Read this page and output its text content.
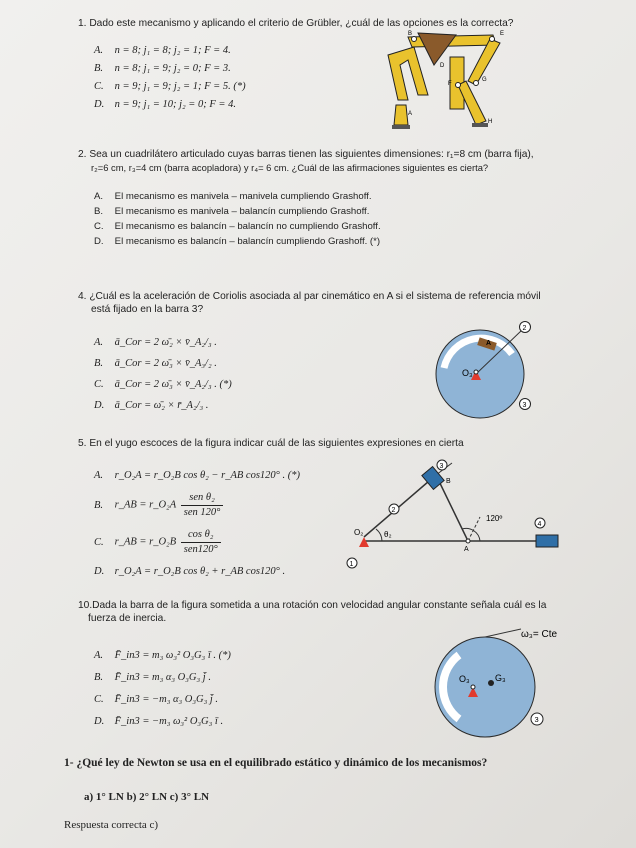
1. Dado este mecanismo y aplicando el criterio de Grübler, ¿cuál de las opciones es la correcta?
A. n = 8; j₁ = 8; j₂ = 1; F = 4.
B. n = 8; j₁ = 9; j₂ = 0; F = 3.
C. n = 9; j₁ = 9; j₂ = 1; F = 5. (*)
D. n = 9; j₁ = 10; j₂ = 0; F = 4.
B	E
D
F
G
A
H
2. Sea un cuadrilátero articulado cuyas barras tienen las siguientes dimensiones: r₁=8 cm (barra fija),
r₂=6 cm, r₃=4 cm (barra acopladora) y r₄= 6 cm. ¿Cuál de las afirmaciones siguientes es cierta?
A. El mecanismo es manivela – manivela cumpliendo Grashoff.
B. El mecanismo es manivela – balancín cumpliendo Grashoff.
C. El mecanismo es balancín – balancín no cumpliendo Grashoff.
D. El mecanismo es balancín – balancín cumpliendo Grashoff. (*)
4. ¿Cuál es la aceleración de Coriolis asociada al par cinemático en A si el sistema de referencia móvil
está fijado en la barra 3?
A. ā_Cor = 2 ω̄₂ × v̄_A₂/₃ .
B. ā_Cor = 2 ω̄₃ × v̄_A₃/₂ .
C. ā_Cor = 2 ω̄₃ × v̄_A₂/₃ . (*)
D. ā_Cor = ω̄₂ × r̄_A₂/₃ .
O₃
A
2
3
5. En el yugo escoces de la figura indicar cuál de las siguientes expresiones en cierta
A. r_O₂A = r_O₂B cos θ₂ − r_AB cos120° . (*)
B. r_AB = r_O₂A $\frac{\text{sen θ₂}}{\text{sen 120°}}$
C. r_AB = r_O₂B $\frac{\text{cos θ₂}}{\text{sen120°}}$
D. r_O₂A = r_O₂B cos θ₂ + r_AB cos120° .
O₂	θ₂
B
A
120º
1
2
3
4
10.Dada la barra de la figura sometida a una rotación con velocidad angular constante señala cuál es la
fuerza de inercia.
A. F̄_in3 = m₃ ω₃² O₃G₃ ī . (*)
B. F̄_in3 = m₃ α₃ O₃G₃ j̄ .
C. F̄_in3 = −m₃ α₃ O₃G₃ j̄ .
D. F̄_in3 = −m₃ ω₃² O₃G₃ ī .
ω₃= Cte
O₃	G₃
3
1- ¿Qué ley de Newton se usa en el equilibrado estático y dinámico de los mecanismos?
a) 1° LN b) 2° LN c) 3° LN
Respuesta correcta c)
